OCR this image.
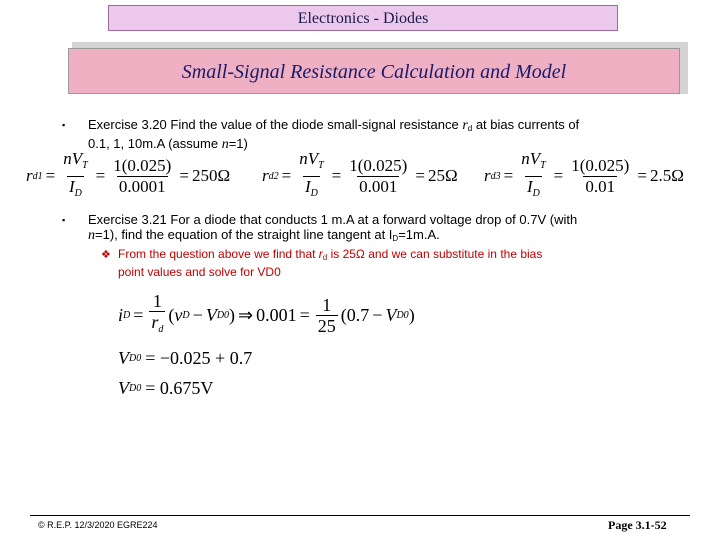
Electronics - Diodes
Small-Signal Resistance Calculation and Model
▪ Exercise 3.20 Find the value of the diode small-signal resistance $r_d$ at bias currents of
0.1, 1, 10m.A (assume n=1)
r $d1 = \frac{nV_T}{I_D} = \frac{1(0.025)}{0.0001} = 250\Omega$ r $d2 = \frac{nV_T}{I_D} = \frac{1(0.025)}{0.001} = 25\Omega$ r $d3 = \frac{nV_T}{I_D} = \frac{1(0.025)}{0.01} = 2.5\Omega$
▪ Exercise 3.21 For a diode that conducts 1 m.A at a forward voltage drop of 0.7V (with
n=1), find the equation of the straight line tangent at $I_D=1m.A$.
❖ From the question above we find that $r_d$ is 25Ω and we can substitute in the bias
point values and solve for VD0
i $D = \frac{1}{r_d}$ ( v D − V D0 ) ⇒ $0.001 = \frac{1}{25}$ ( 0.7 − V D0 )
V D0 = −0.025 + 0.7
V D0 = 0.675V
© R.E.P. 12/3/2020 EGRE224	Page 3.1-52
